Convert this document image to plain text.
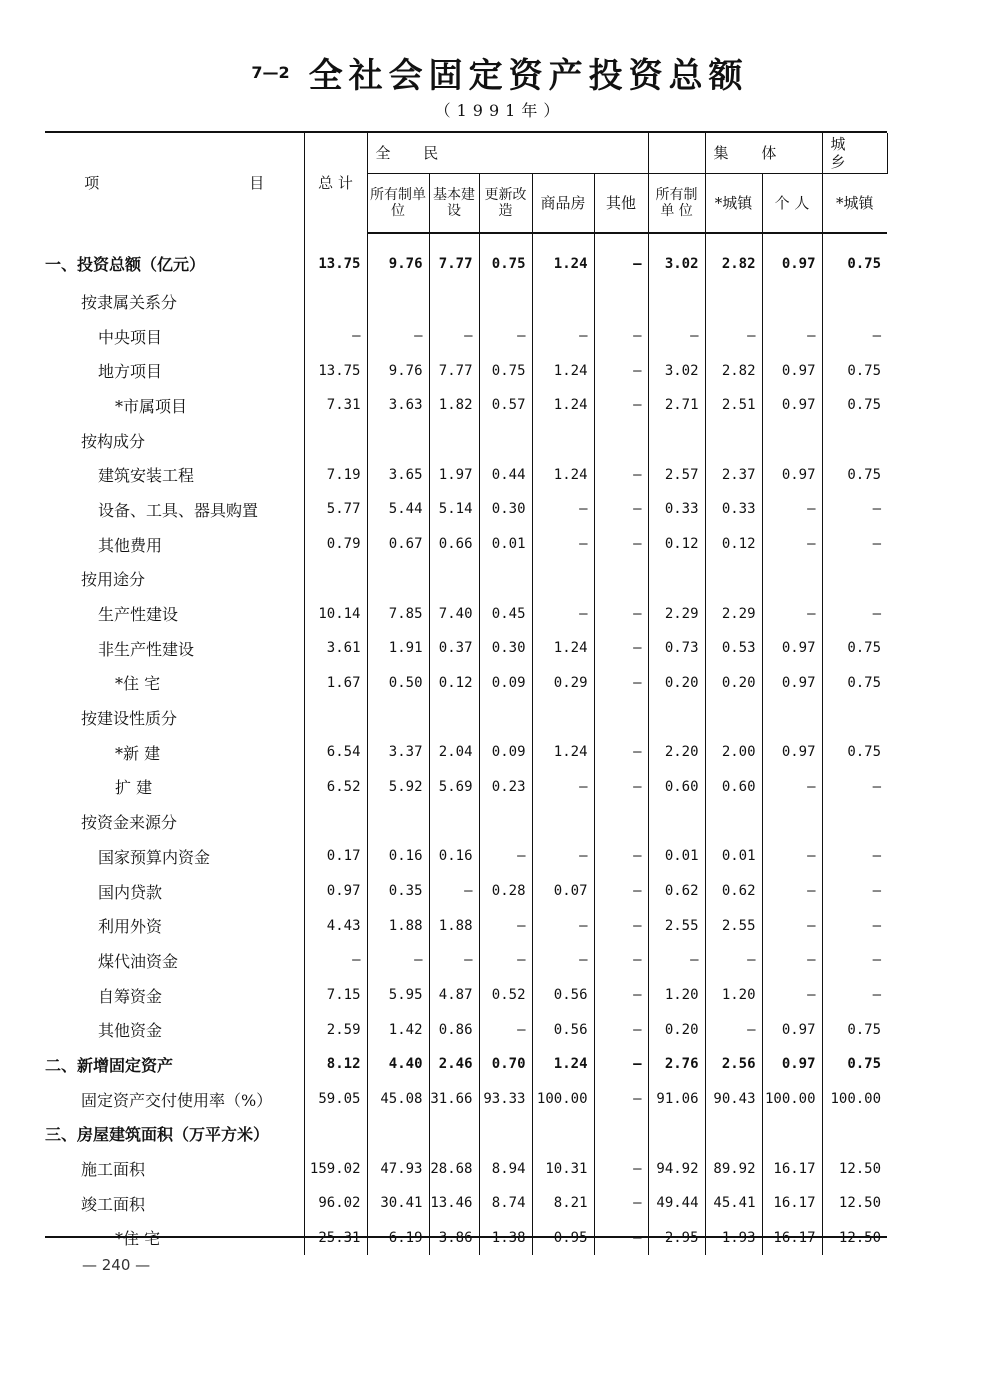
7—2 全社会固定资产投资总额
（1991年）
项 目	总 计	全 民						集 体		城 乡	
		所有制单 位	基本建设	更新改造	商品房	其他	所有制单 位	*城镇	个 人	*城镇	
一、投资总额（亿元）	13.75	9.76	7.77	0.75	1.24	—	3.02	2.82	0.97	0.75	
按隶属关系分											
中央项目	—	—	—	—	—	—	—	—	—	—	
地方项目	13.75	9.76	7.77	0.75	1.24	—	3.02	2.82	0.97	0.75	
*市属项目	7.31	3.63	1.82	0.57	1.24	—	2.71	2.51	0.97	0.75	
按构成分											
建筑安装工程	7.19	3.65	1.97	0.44	1.24	—	2.57	2.37	0.97	0.75	
设备、工具、器具购置	5.77	5.44	5.14	0.30	—	—	0.33	0.33	—	—	
其他费用	0.79	0.67	0.66	0.01	—	—	0.12	0.12	—	—	
按用途分											
生产性建设	10.14	7.85	7.40	0.45	—	—	2.29	2.29	—	—	
非生产性建设	3.61	1.91	0.37	0.30	1.24	—	0.73	0.53	0.97	0.75	
*住 宅	1.67	0.50	0.12	0.09	0.29	—	0.20	0.20	0.97	0.75	
按建设性质分											
*新 建	6.54	3.37	2.04	0.09	1.24	—	2.20	2.00	0.97	0.75	
扩 建	6.52	5.92	5.69	0.23	—	—	0.60	0.60	—	—	
按资金来源分											
国家预算内资金	0.17	0.16	0.16	—	—	—	0.01	0.01	—	—	
国内贷款	0.97	0.35	—	0.28	0.07	—	0.62	0.62	—	—	
利用外资	4.43	1.88	1.88	—	—	—	2.55	2.55	—	—	
煤代油资金	—	—	—	—	—	—	—	—	—	—	
自筹资金	7.15	5.95	4.87	0.52	0.56	—	1.20	1.20	—	—	
其他资金	2.59	1.42	0.86	—	0.56	—	0.20	—	0.97	0.75	
二、新增固定资产	8.12	4.40	2.46	0.70	1.24	—	2.76	2.56	0.97	0.75	
固定资产交付使用率（%）	59.05	45.08	31.66	93.33	100.00	—	91.06	90.43	100.00	100.00	
三、房屋建筑面积（万平方米）											
施工面积	159.02	47.93	28.68	8.94	10.31	—	94.92	89.92	16.17	12.50	
竣工面积	96.02	30.41	13.46	8.74	8.21	—	49.44	45.41	16.17	12.50	
*住 宅	25.31	6.19	3.86	1.38	0.95	—	2.95	1.93	16.17	12.50	
— 240 —
